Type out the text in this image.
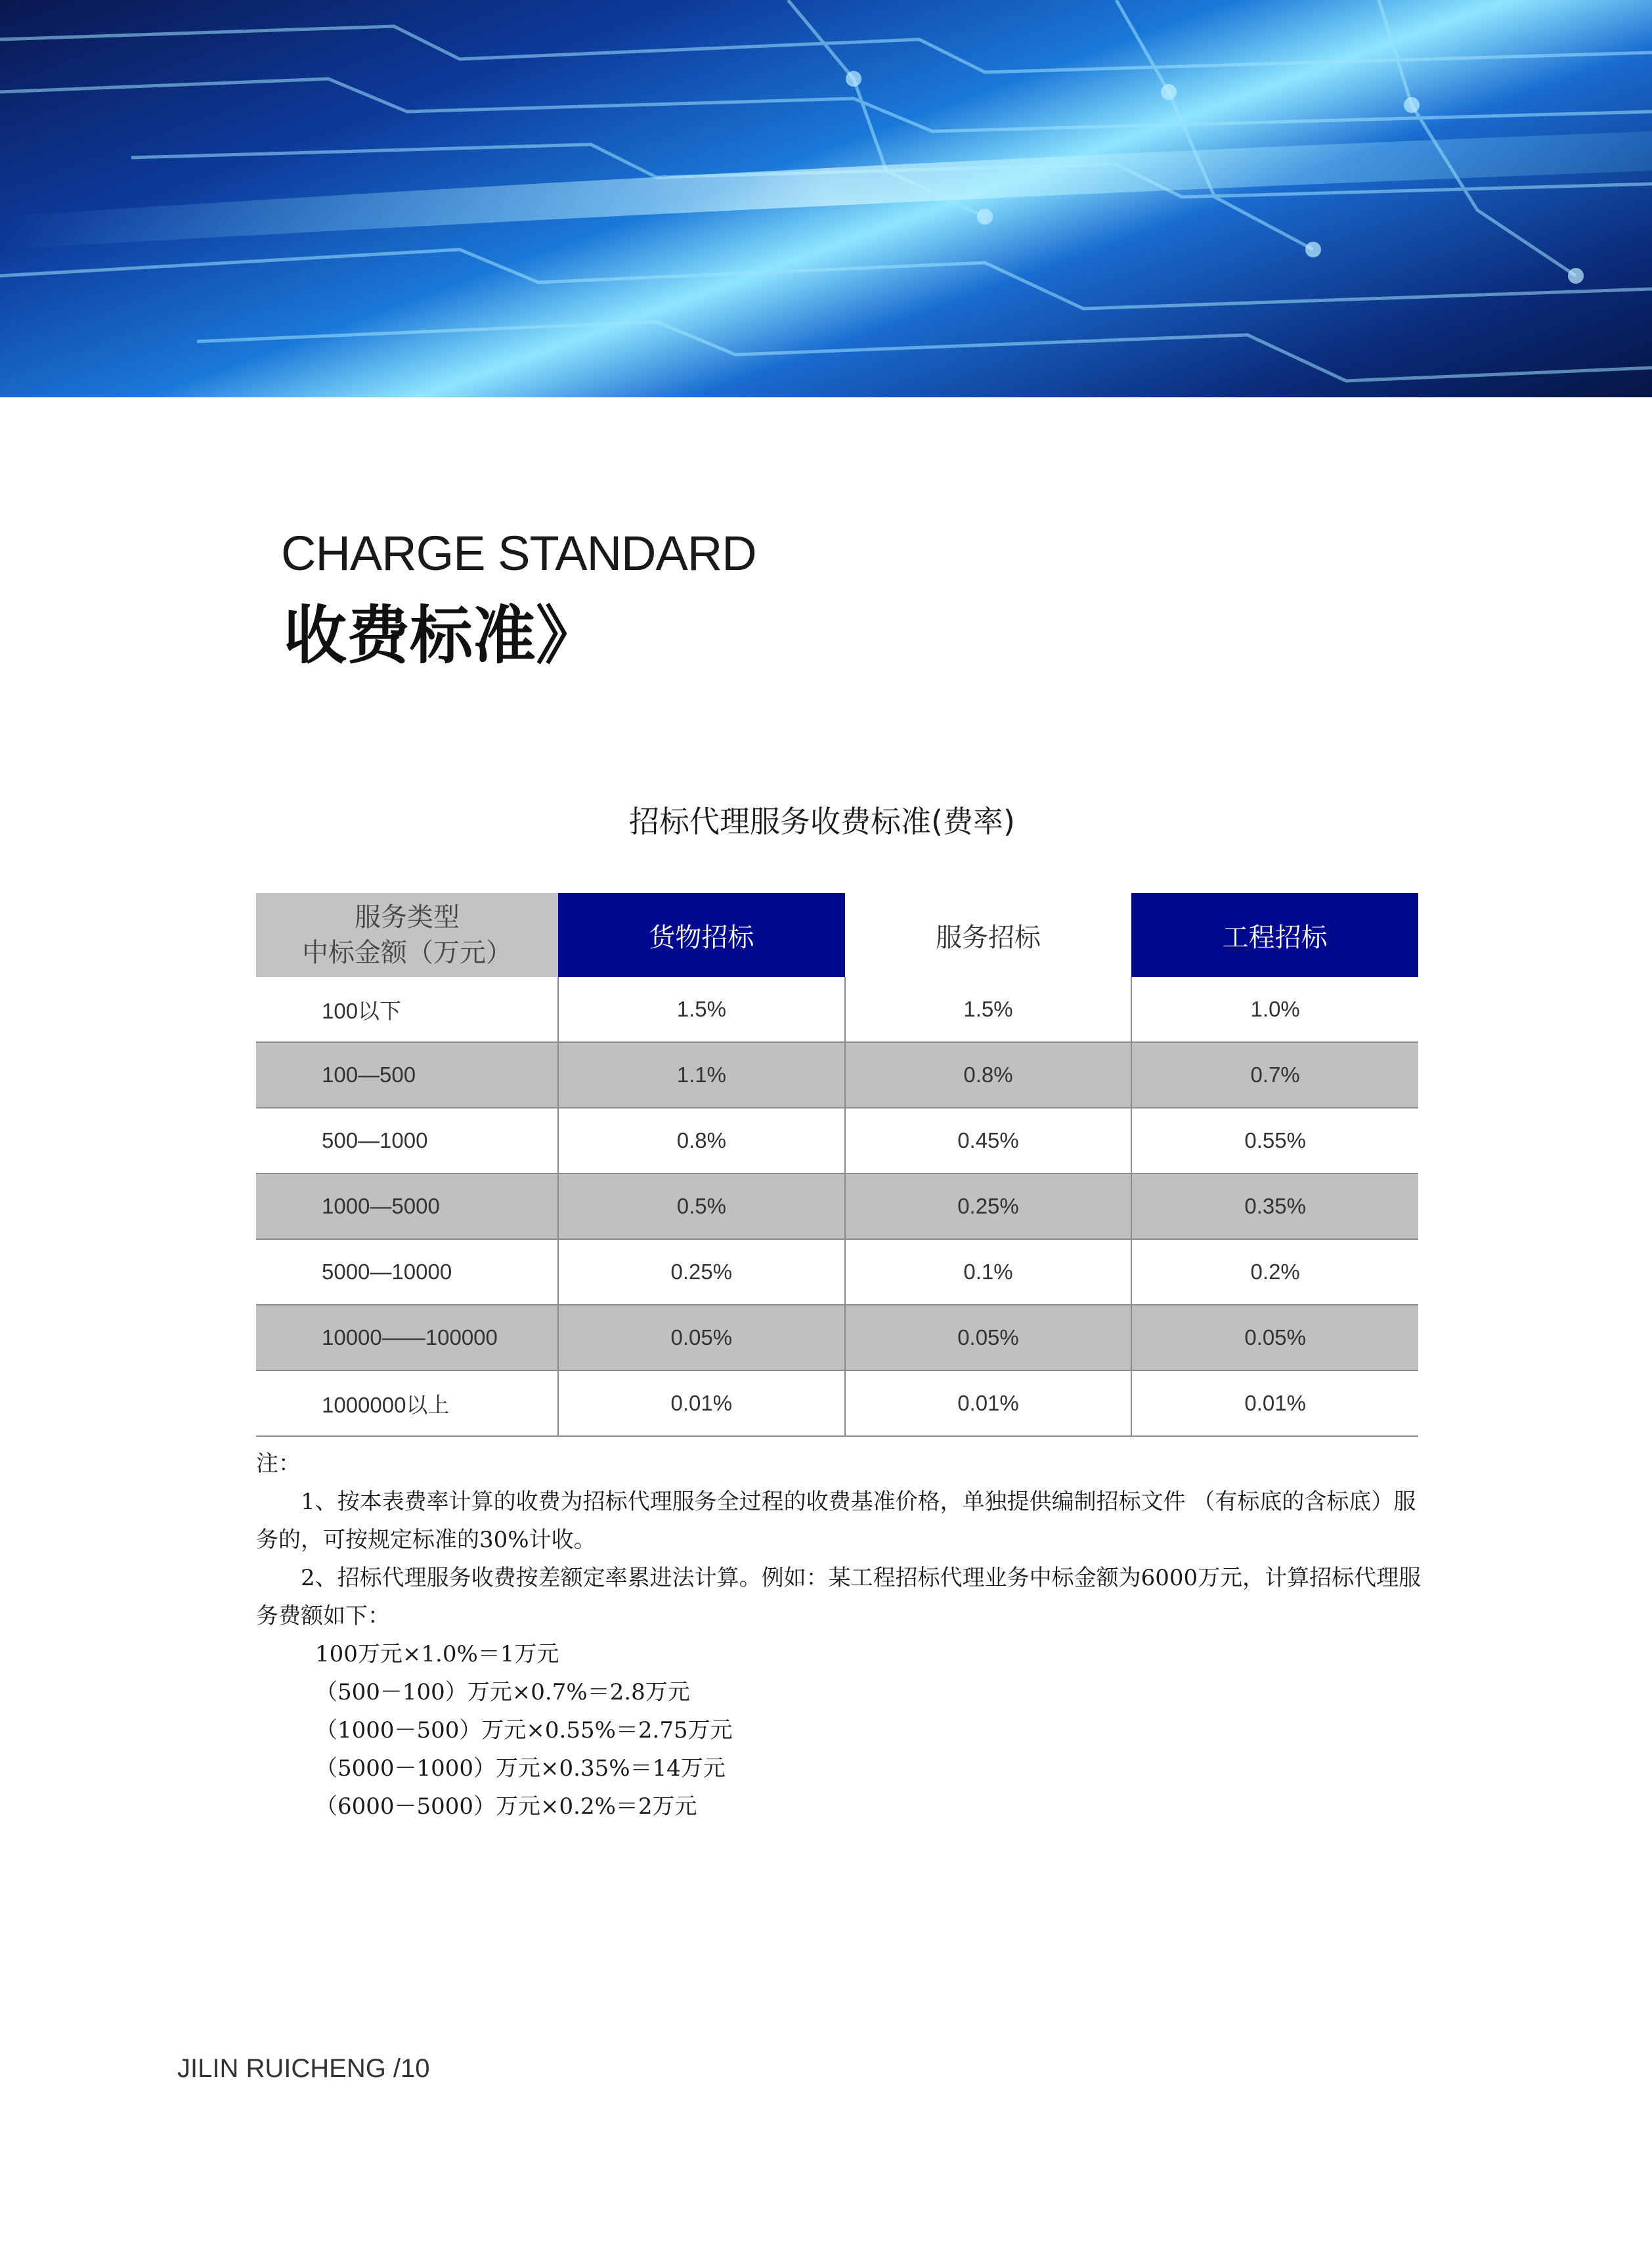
CHARGE STANDARD
收费标准》
招标代理服务收费标准(费率)
服务类型
中标金额（万元）	货物招标	服务招标	工程招标
100以下	1.5%	1.5%	1.0%
100—500	1.1%	0.8%	0.7%
500—1000	0.8%	0.45%	0.55%
1000—5000	0.5%	0.25%	0.35%
5000—10000	0.25%	0.1%	0.2%
10000——100000	0.05%	0.05%	0.05%
1000000以上	0.01%	0.01%	0.01%

注：

1、按本表费率计算的收费为招标代理服务全过程的收费基准价格，单独提供编制招标文件 （有标底的含标底）服务的，可按规定标准的30%计收。

2、招标代理服务收费按差额定率累进法计算。例如：某工程招标代理业务中标金额为6000万元，计算招标代理服务费额如下：

100万元×1.0%＝1万元

（500－100）万元×0.7%＝2.8万元

（1000－500）万元×0.55%＝2.75万元

（5000－1000）万元×0.35%＝14万元

（6000－5000）万元×0.2%＝2万元

JILIN RUICHENG /10
